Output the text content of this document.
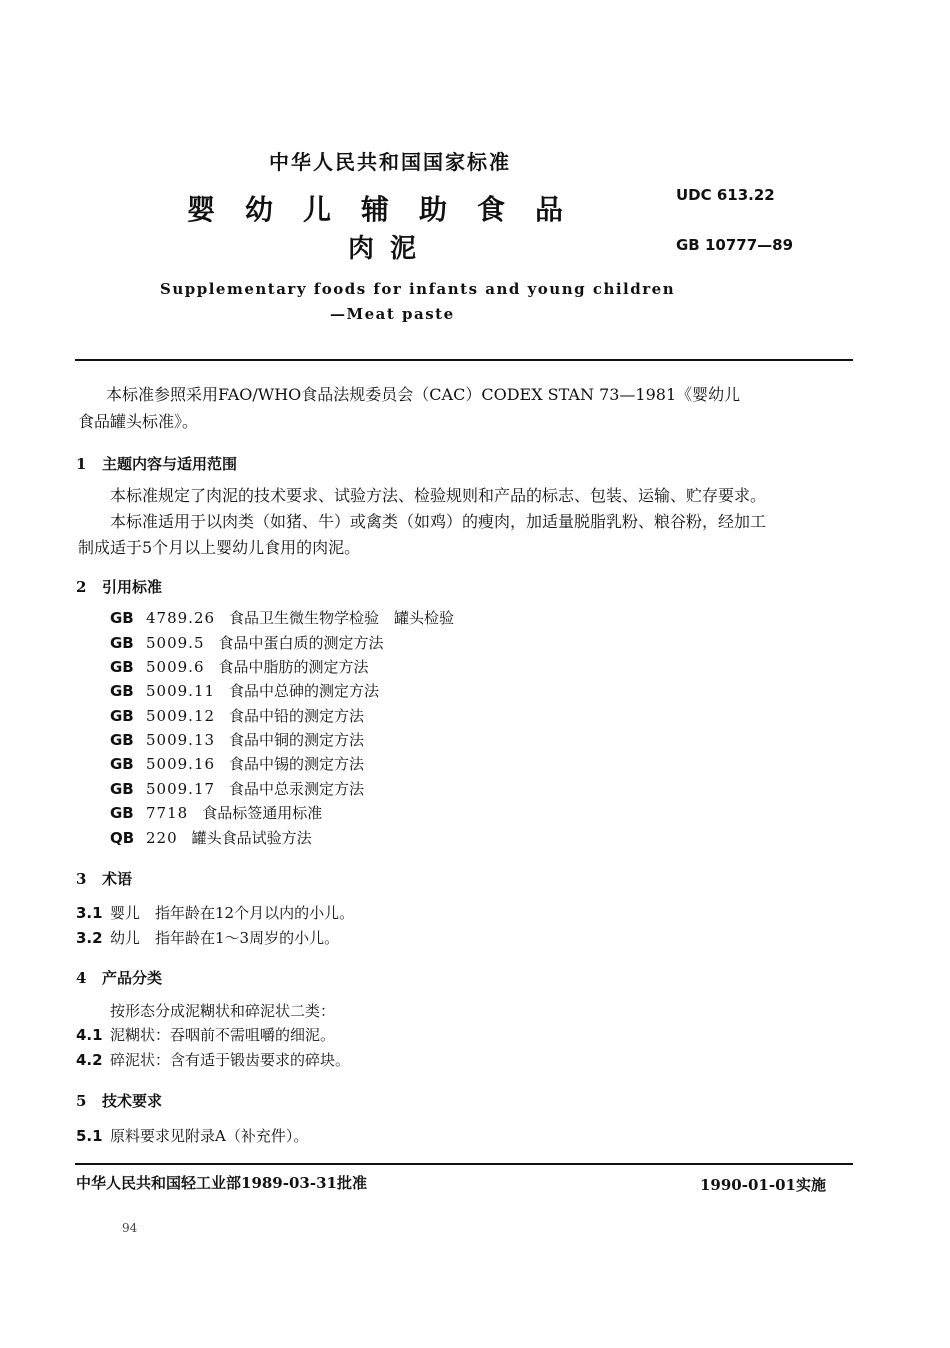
中华人民共和国国家标准
婴幼儿辅助食品
肉泥
UDC 613.22
GB 10777—89
Supplementary foods for infants and young children
—Meat paste
本标准参照采用FAO/WHO食品法规委员会（CAC）CODEX STAN 73—1981《婴幼儿
食品罐头标准》。
1 主题内容与适用范围
本标准规定了肉泥的技术要求、试验方法、检验规则和产品的标志、包装、运输、贮存要求。
本标准适用于以肉类（如猪、牛）或禽类（如鸡）的瘦肉，加适量脱脂乳粉、粮谷粉，经加工
制成适于5个月以上婴幼儿食用的肉泥。
2 引用标准
GB 4789.26 食品卫生微生物学检验　罐头检验
GB 5009.5 食品中蛋白质的测定方法
GB 5009.6 食品中脂肪的测定方法
GB 5009.11 食品中总砷的测定方法
GB 5009.12 食品中铅的测定方法
GB 5009.13 食品中铜的测定方法
GB 5009.16 食品中锡的测定方法
GB 5009.17 食品中总汞测定方法
GB 7718 食品标签通用标准
QB 220 罐头食品试验方法
3 术语
3.1 婴儿　指年龄在12个月以内的小儿。
3.2 幼儿　指年龄在1～3周岁的小儿。
4 产品分类
按形态分成泥糊状和碎泥状二类：
4.1 泥糊状：吞咽前不需咀嚼的细泥。
4.2 碎泥状：含有适于锻齿要求的碎块。
5 技术要求
5.1 原料要求见附录A（补充件）。
中华人民共和国轻工业部1989-03-31批准	1990-01-01实施
94
